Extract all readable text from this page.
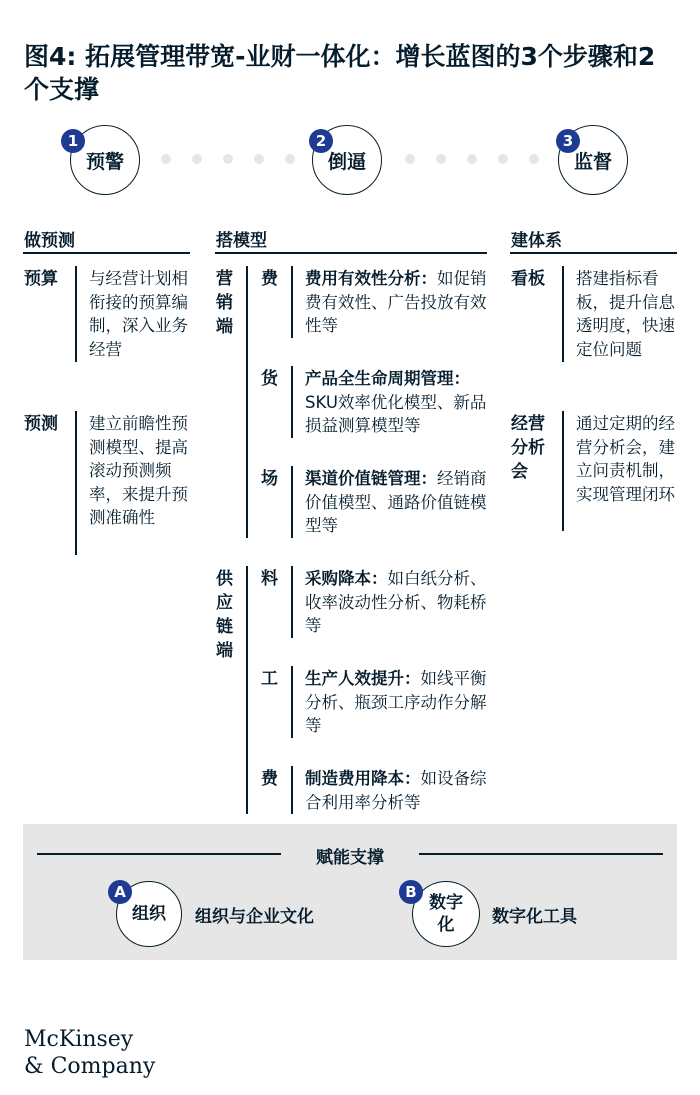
图4: 拓展管理带宽-业财一体化：增长蓝图的3个步骤和2个支撑
预警
1
倒逼
2
监督
3
做预测	搭模型	建体系
预算 与经营计划相衔接的预算编制，深入业务经营
预测 建立前瞻性预测模型、提高滚动预测频率，来提升预测准确性
营销端
供应链端
费 费用有效性分析：如促销费有效性、广告投放有效性等
货 产品全生命周期管理：SKU效率优化模型、新品损益测算模型等
场 渠道价值链管理：经销商价值模型、通路价值链模型等
料 采购降本：如白纸分析、收率波动性分析、物耗桥等
工 生产人效提升：如线平衡分析、瓶颈工序动作分解等
费 制造费用降本：如设备综合利用率分析等
看板 搭建指标看板，提升信息透明度，快速定位问题
经营分析会
通过定期的经营分析会，建立问责机制，实现管理闭环
赋能支撑
组织
A
组织与企业文化
数字化
B
数字化工具
McKinsey
& Company
